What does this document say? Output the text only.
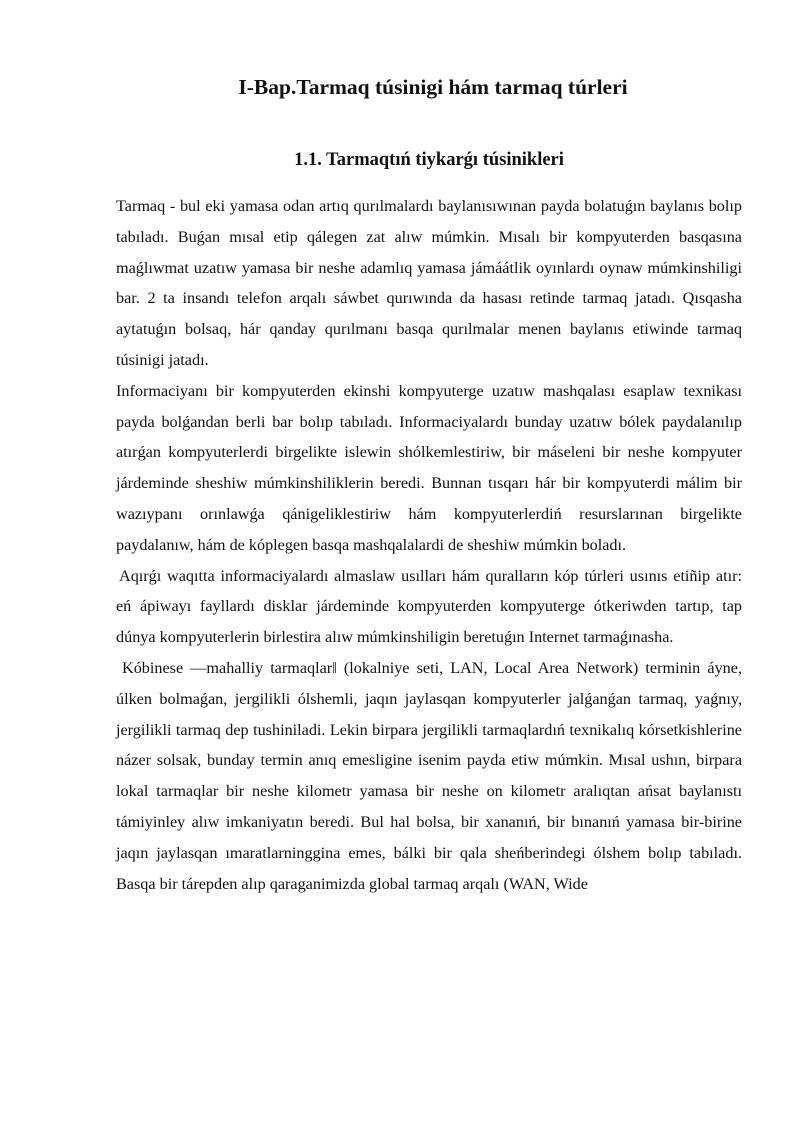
I-Bap.Tarmaq túsinigi hám tarmaq túrleri
1.1. Tarmaqtıń tiykarǵı túsinikleri

Tarmaq - bul eki yamasa odan artıq qurılmalardı baylanısıwınan payda bolatuǵın baylanıs bolıp tabıladı. Buǵan mısal etip qálegen zat alıw múmkin. Mısalı bir kompyuterden basqasına maǵlıwmat uzatıw yamasa bir neshe adamlıq yamasa jámáátlik oyınlardı oynaw múmkinshiligi bar. 2 ta insandı telefon arqalı sáwbet qurıwında da hasası retinde tarmaq jatadı. Qısqasha aytatuǵın bolsaq, hár qanday qurılmanı basqa qurılmalar menen baylanıs etiwinde tarmaq túsinigi jatadı.

Informaciyanı bir kompyuterden ekinshi kompyuterge uzatıw mashqalası esaplaw texnikası payda bolǵandan berli bar bolıp tabıladı. Informaciyalardı bunday uzatıw bólek paydalanılıp atırǵan kompyuterlerdi birgelikte islewin shólkemlestiriw, bir máseleni bir neshe kompyuter járdeminde sheshiw múmkinshiliklerin beredi. Bunnan tısqarı hár bir kompyuterdi málim bir wazıypanı orınlawǵa qánigeliklestiriw hám kompyuterlerdiń resurslarınan birgelikte paydalanıw, hám de kóplegen basqa mashqalalardi de sheshiw múmkin boladı.

Aqırǵı waqıtta informaciyalardı almaslaw usılları hám quralların kóp túrleri usınıs etiñip atır: eń ápiwayı fayllardı disklar járdeminde kompyuterden kompyuterge ótkeriwden tartıp, tap dúnya kompyuterlerin birlestira alıw múmkinshiligin beretuǵın Internet tarmaǵınasha.

Kóbinese ―mahalliy tarmaqlar‖ (lokalniye seti, LAN, Local Area Network) terminin áyne, úlken bolmaǵan, jergilikli ólshemli, jaqın jaylasqan kompyuterler jalǵanǵan tarmaq, yaǵnıy, jergilikli tarmaq dep tushiniladi. Lekin birpara jergilikli tarmaqlardıń texnikalıq kórsetkishlerine názer solsak, bunday termin anıq emesligine isenim payda etiw múmkin. Mısal ushın, birpara lokal tarmaqlar bir neshe kilometr yamasa bir neshe on kilometr aralıqtan ańsat baylanıstı támiyinley alıw imkaniyatın beredi. Bul hal bolsa, bir xananıń, bir bınanıń yamasa bir-birine jaqın jaylasqan ımaratlarninggina emes, bálki bir qala sheńberindegi ólshem bolıp tabıladı. Basqa bir tárepden alıp qaraganimizda global tarmaq arqalı (WAN, Wide
